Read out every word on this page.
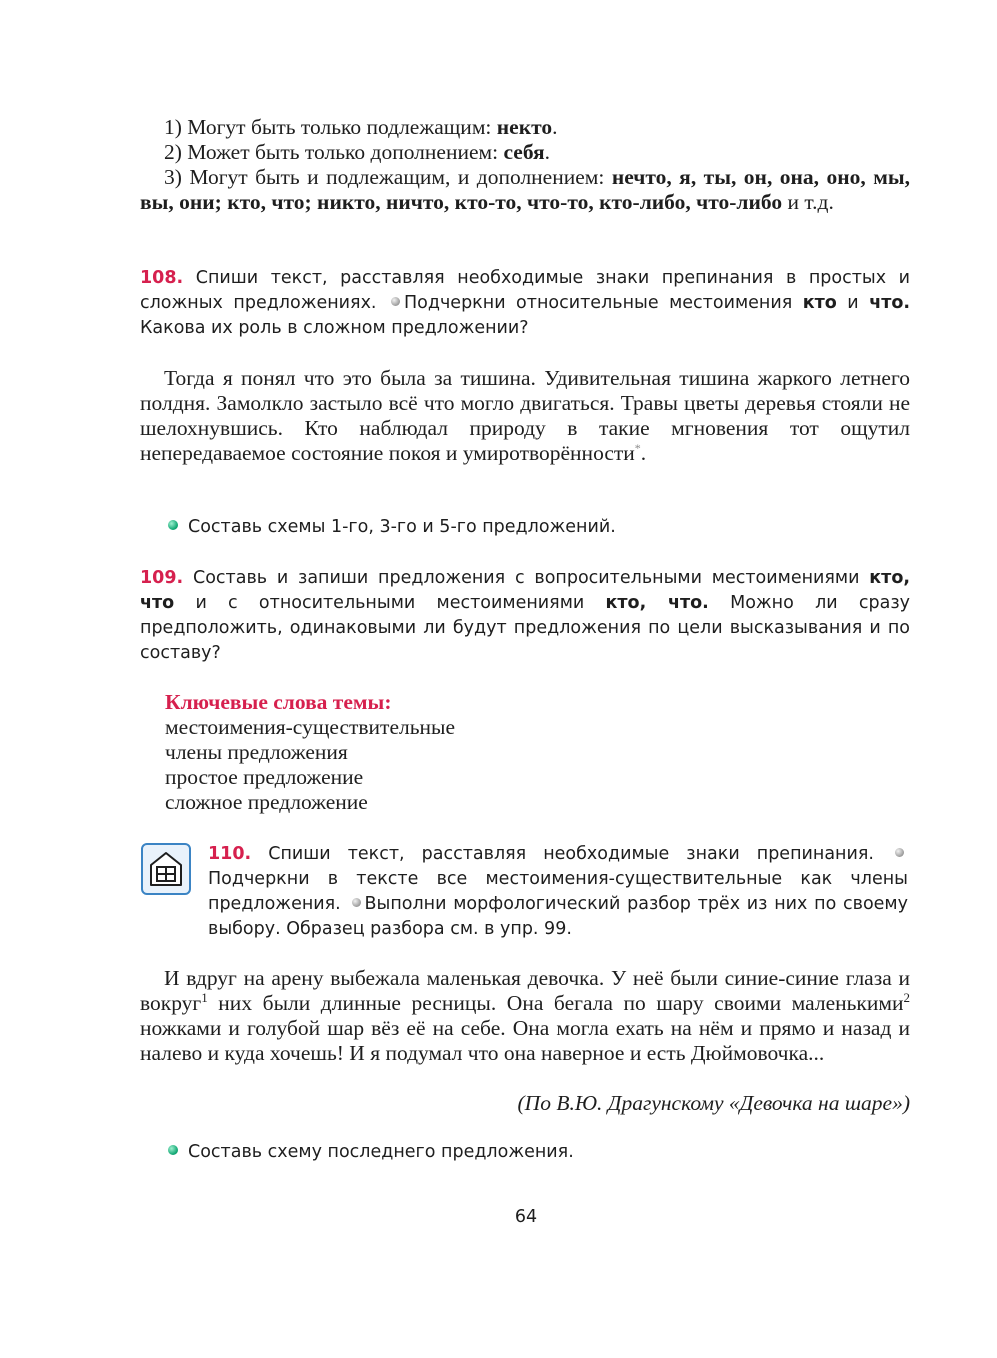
1) Могут быть только подлежащим: некто.

2) Может быть только дополнением: себя.

3) Могут быть и подлежащим, и дополнением: нечто, я, ты, он, она, оно, мы, вы, они; кто, что; никто, ничто, кто-то, что-то, кто-либо, что-либо и т.д.

108. Спиши текст, расставляя необходимые знаки препинания в простых и сложных предложениях. Подчеркни относительные местоимения кто и что. Какова их роль в сложном предложении?

Тогда я понял что это была за тишина. Удивительная тишина жаркого летнего полдня. Замолкло застыло всё что могло двигаться. Травы цветы деревья стояли не шелохнувшись. Кто наблюдал природу в такие мгновения тот ощутил непередаваемое состояние покоя и умиротворённости*.

Составь схемы 1-го, 3-го и 5-го предложений.
109. Составь и запиши предложения с вопросительными местоимениями кто, что и с относительными местоимениями кто, что. Можно ли сразу предположить, одинаковыми ли будут предложения по цели высказывания и по составу?

Ключевые слова темы:

местоимения-существительные

члены предложения

простое предложение

сложное предложение

110. Спиши текст, расставляя необходимые знаки препинания. Подчеркни в тексте все местоимения-существительные как члены предложения. Выполни морфологический разбор трёх из них по своему выбору. Образец разбора см. в упр. 99.

И вдруг на арену выбежала маленькая девочка. У неё были синие-синие глаза и вокруг$^1$ них были длинные ресницы. Она бегала по шару своими маленькими$^2$ ножками и голубой шар вёз её на себе. Она могла ехать на нём и прямо и назад и налево и куда хочешь! И я подумал что она наверное и есть Дюймовочка...

(По В.Ю. Драгунскому «Девочка на шаре»)
Составь схему последнего предложения.
64
